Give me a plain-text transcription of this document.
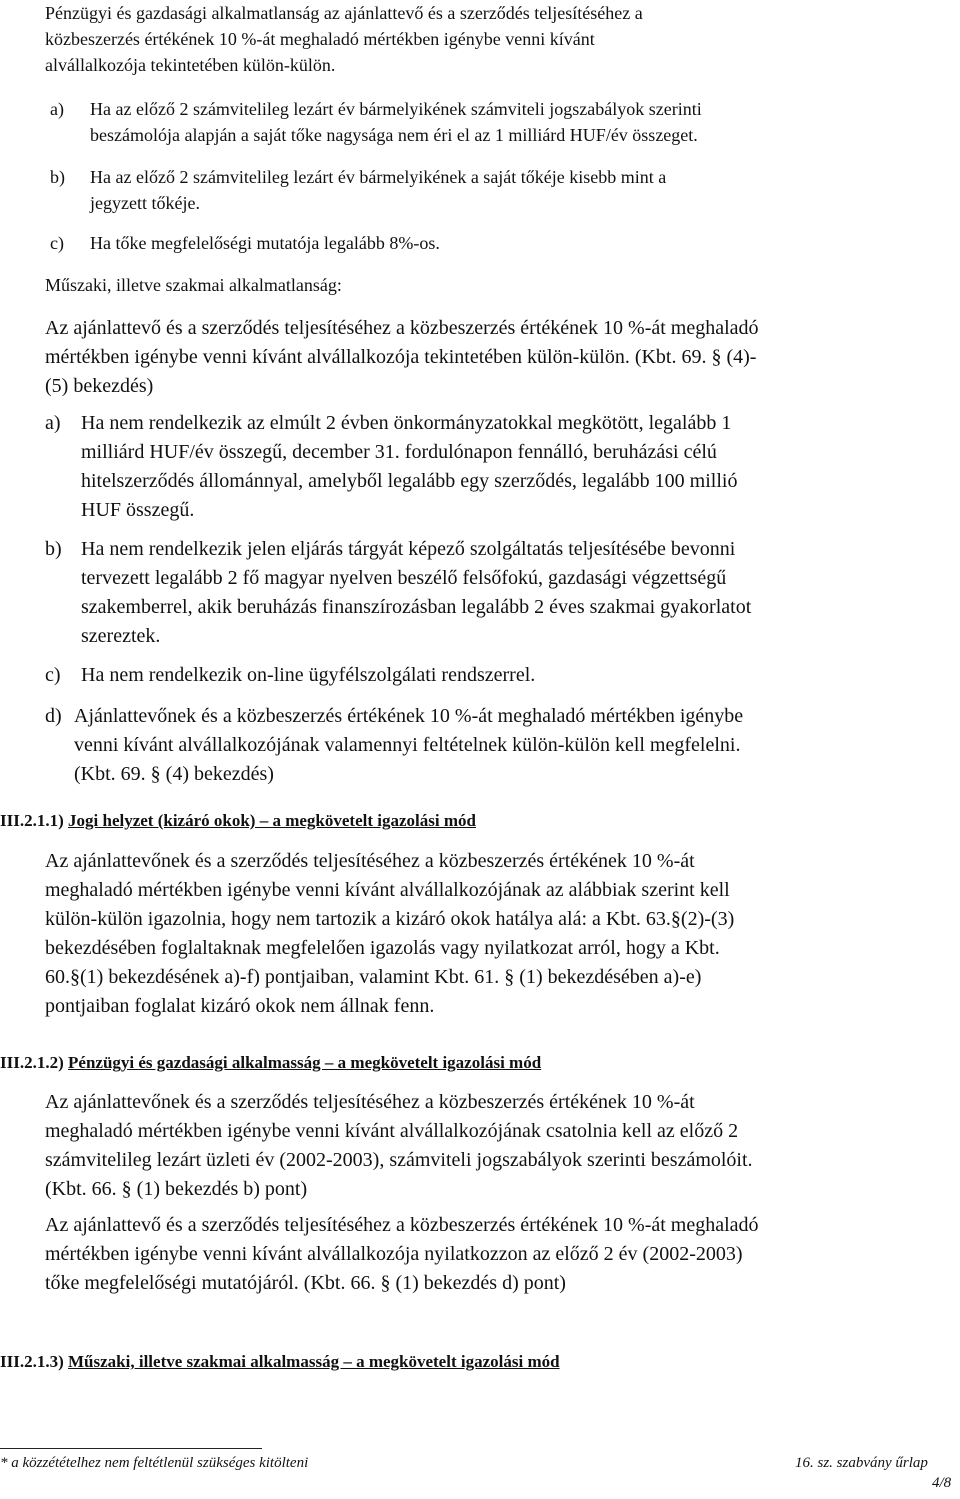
Pénzügyi és gazdasági alkalmatlanság az ajánlattevő és a szerződés teljesítéséhez a
közbeszerzés értékének 10 %-át meghaladó mértékben igénybe venni kívánt
alvállalkozója tekintetében külön-külön.
a) Ha az előző 2 számvitelileg lezárt év bármelyikének számviteli jogszabályok szerinti
beszámolója alapján a saját tőke nagysága nem éri el az 1 milliárd HUF/év összeget.
b) Ha az előző 2 számvitelileg lezárt év bármelyikének a saját tőkéje kisebb mint a
jegyzett tőkéje.
c) Ha tőke megfelelőségi mutatója legalább 8%-os.
Műszaki, illetve szakmai alkalmatlanság:
Az ajánlattevő és a szerződés teljesítéséhez a közbeszerzés értékének 10 %-át meghaladó
mértékben igénybe venni kívánt alvállalkozója tekintetében külön-külön. (Kbt. 69. § (4)-
(5) bekezdés)
a) Ha nem rendelkezik az elmúlt 2 évben önkormányzatokkal megkötött, legalább 1
milliárd HUF/év összegű, december 31. fordulónapon fennálló, beruházási célú
hitelszerződés állománnyal, amelyből legalább egy szerződés, legalább 100 millió
HUF összegű.
b) Ha nem rendelkezik jelen eljárás tárgyát képező szolgáltatás teljesítésébe bevonni
tervezett legalább 2 fő magyar nyelven beszélő felsőfokú, gazdasági végzettségű
szakemberrel, akik beruházás finanszírozásban legalább 2 éves szakmai gyakorlatot
szereztek.
c) Ha nem rendelkezik on-line ügyfélszolgálati rendszerrel.
d) Ajánlattevőnek és a közbeszerzés értékének 10 %-át meghaladó mértékben igénybe
venni kívánt alvállalkozójának valamennyi feltételnek külön-külön kell megfelelni.
(Kbt. 69. § (4) bekezdés)
III.2.1.1) Jogi helyzet (kizáró okok) – a megkövetelt igazolási mód
Az ajánlattevőnek és a szerződés teljesítéséhez a közbeszerzés értékének 10 %-át
meghaladó mértékben igénybe venni kívánt alvállalkozójának az alábbiak szerint kell
külön-külön igazolnia, hogy nem tartozik a kizáró okok hatálya alá: a Kbt. 63.§(2)-(3)
bekezdésében foglaltaknak megfelelően igazolás vagy nyilatkozat arról, hogy a Kbt.
60.§(1) bekezdésének a)-f) pontjaiban, valamint Kbt. 61. § (1) bekezdésében a)-e)
pontjaiban foglalat kizáró okok nem állnak fenn.
III.2.1.2) Pénzügyi és gazdasági alkalmasság – a megkövetelt igazolási mód
Az ajánlattevőnek és a szerződés teljesítéséhez a közbeszerzés értékének 10 %-át
meghaladó mértékben igénybe venni kívánt alvállalkozójának csatolnia kell az előző 2
számvitelileg lezárt üzleti év (2002-2003), számviteli jogszabályok szerinti beszámolóit.
(Kbt. 66. § (1) bekezdés b) pont)
Az ajánlattevő és a szerződés teljesítéséhez a közbeszerzés értékének 10 %-át meghaladó
mértékben igénybe venni kívánt alvállalkozója nyilatkozzon az előző 2 év (2002-2003)
tőke megfelelőségi mutatójáról. (Kbt. 66. § (1) bekezdés d) pont)
III.2.1.3) Műszaki, illetve szakmai alkalmasság – a megkövetelt igazolási mód
* a közzétételhez nem feltétlenül szükséges kitölteni	16. sz. szabvány űrlap
4/8
